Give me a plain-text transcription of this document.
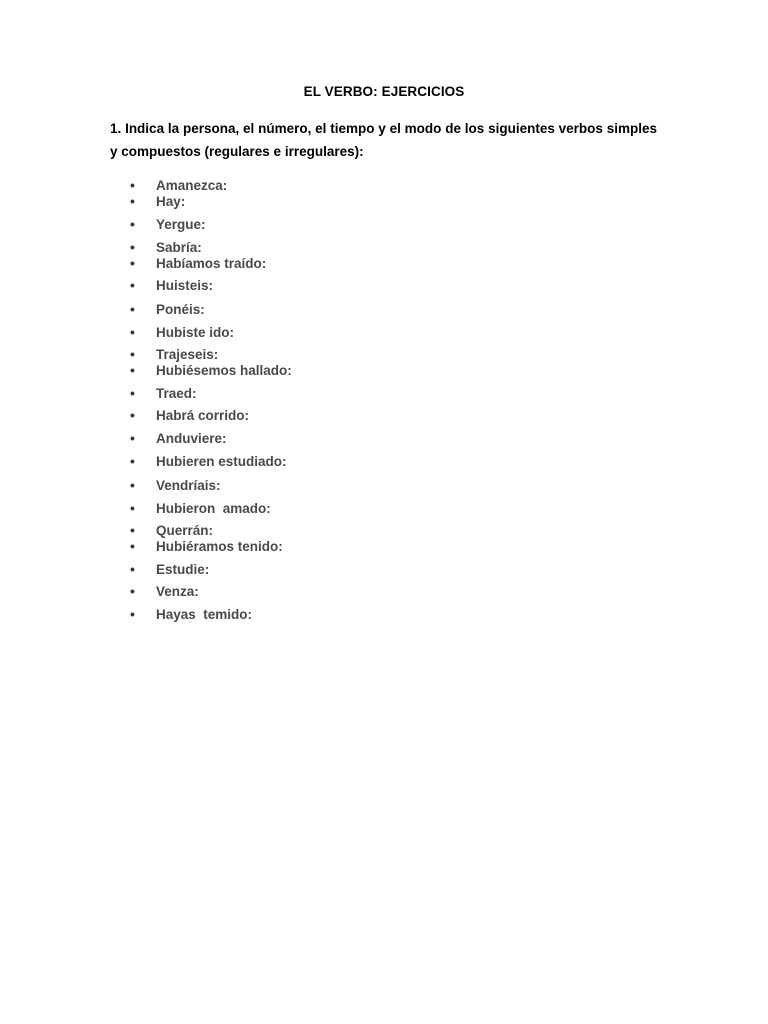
EL VERBO: EJERCICIOS
1. Indica la persona, el número, el tiempo y el modo de los siguientes verbos simples y compuestos (regulares e irregulares):
• Amanezca:
• Hay:
• Yergue:
• Sabría:
• Habíamos traído:
• Huisteis:
• Ponéis:
• Hubiste ido:
• Trajeseis:
• Hubiésemos hallado:
• Traed:
• Habrá corrido:
• Anduviere:
• Hubieren estudiado:
• Vendríais:
• Hubieron  amado:
• Querrán:
• Hubiéramos tenido:
• Estudie:
• Venza:
• Hayas  temido:
